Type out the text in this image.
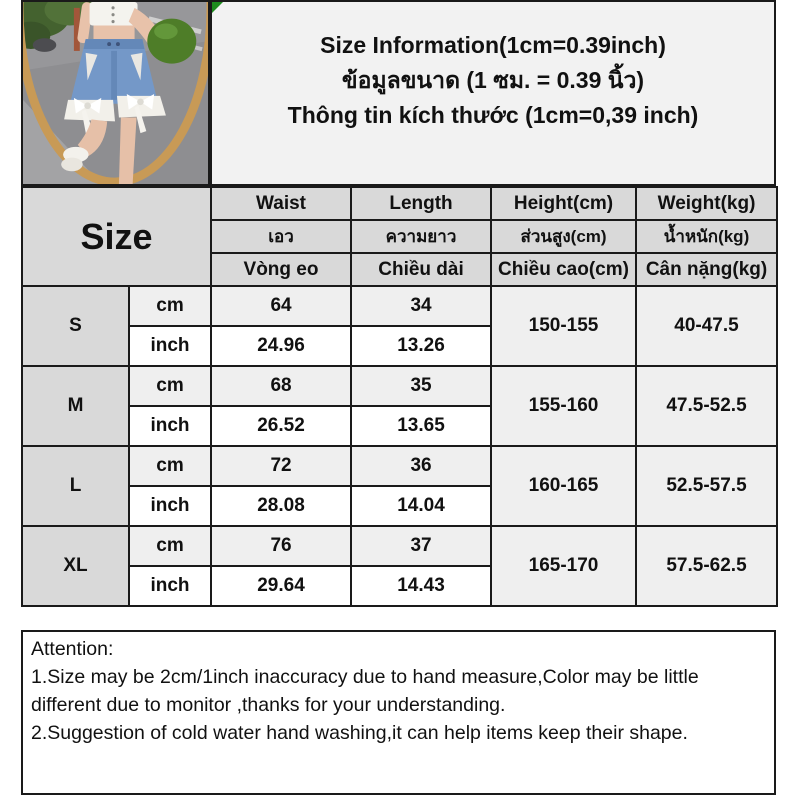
Size Information(1cm=0.39inch)
ข้อมูลขนาด (1 ซม. = 0.39 นิ้ว)
Thông tin kích thước (1cm=0,39 inch)
Size		Waist	Length	Height(cm)	Weight(kg)
		เอว	ความยาว	ส่วนสูง(cm)	น้ำหนัก(kg)
		Vòng eo	Chiều dài	Chiều cao(cm)	Cân nặng(kg)
S	cm	64	34	150-155	40-47.5
	inch	24.96	13.26		
M	cm	68	35	155-160	47.5-52.5
	inch	26.52	13.65		
L	cm	72	36	160-165	52.5-57.5
	inch	28.08	14.04		
XL	cm	76	37	165-170	57.5-62.5
	inch	29.64	14.43		
Attention:
1.Size may be 2cm/1inch inaccuracy due to hand measure,Color may be little different due to monitor ,thanks for your understanding.
2.Suggestion of cold water hand washing,it can help items keep their shape.
